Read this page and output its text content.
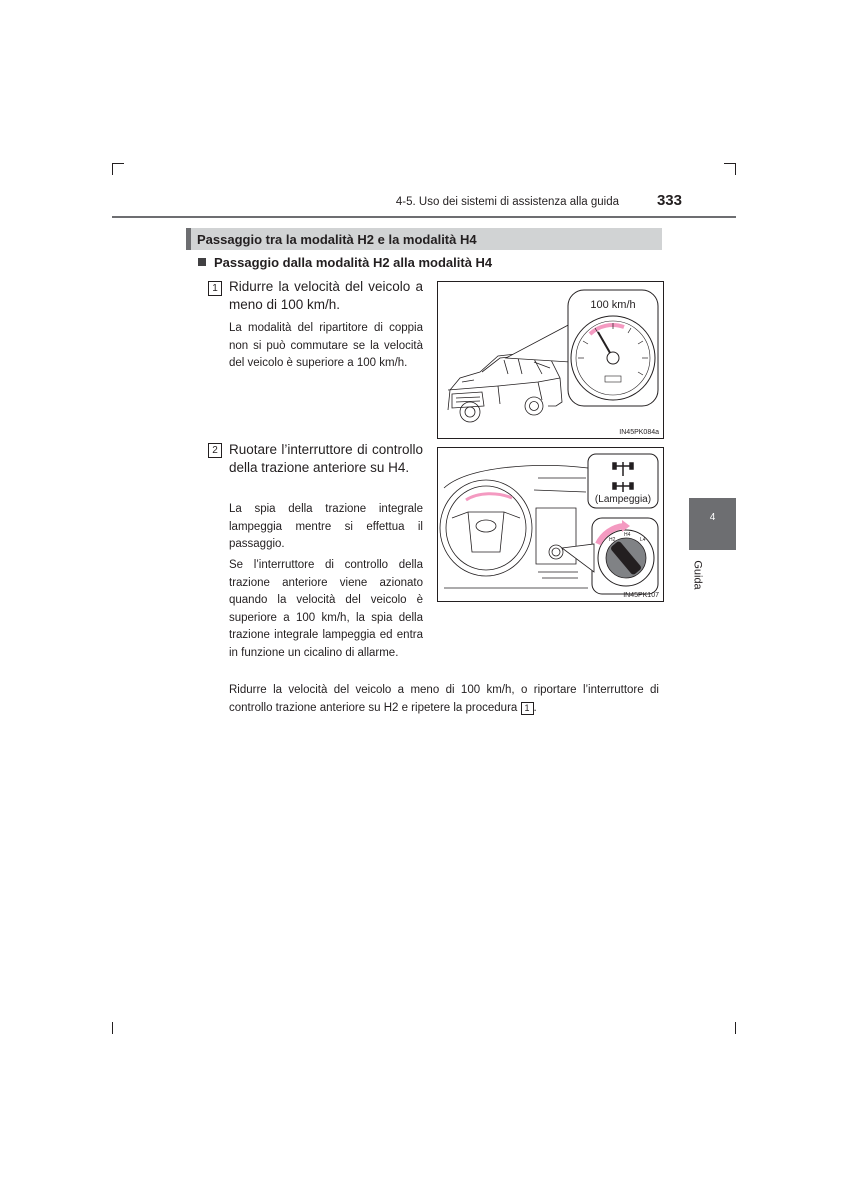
4-5. Uso dei sistemi di assistenza alla guida	333
4
Guida
Passaggio tra la modalità H2 e la modalità H4
Passaggio dalla modalità H2 alla modalità H4
1 Ridurre la velocità del veicolo a meno di 100 km/h.
La modalità del ripartitore di coppia non si può commutare se la velocità del veicolo è superiore a 100 km/h.
100 km/h
IN45PK084a
2 Ruotare l’interruttore di controllo della trazione anteriore su H4.
La spia della trazione integrale lampeggia mentre si effettua il passaggio.
Se l’interruttore di controllo della trazione anteriore viene azionato quando la velocità del veicolo è superiore a 100 km/h, la spia della trazione integrale lampeggia ed entra in funzione un cicalino di allarme.
(Lampeggia)
H2
H4
L4
IN45PK107
Ridurre la velocità del veicolo a meno di 100 km/h, o riportare l’interruttore di controllo trazione anteriore su H2 e ripetere la procedura 1 .
